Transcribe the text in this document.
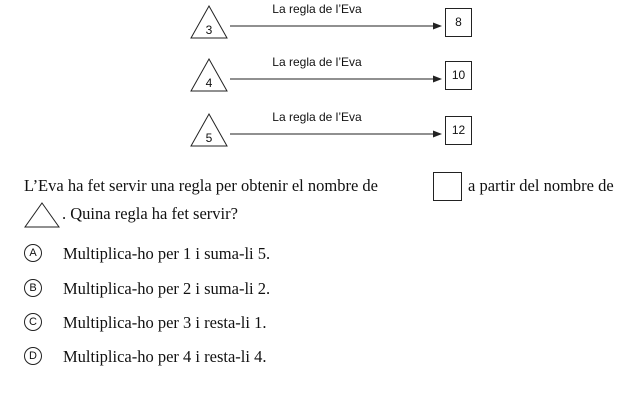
3
La regla de l’Eva
8
4
La regla de l’Eva
10
5
La regla de l’Eva
12
L’Eva ha fet servir una regla per obtenir el nombre de	a partir del nombre de
. Quina regla ha fet servir?
A	Multiplica-ho per 1 i suma-li 5.
B	Multiplica-ho per 2 i suma-li 2.
C	Multiplica-ho per 3 i resta-li 1.
D	Multiplica-ho per 4 i resta-li 4.
